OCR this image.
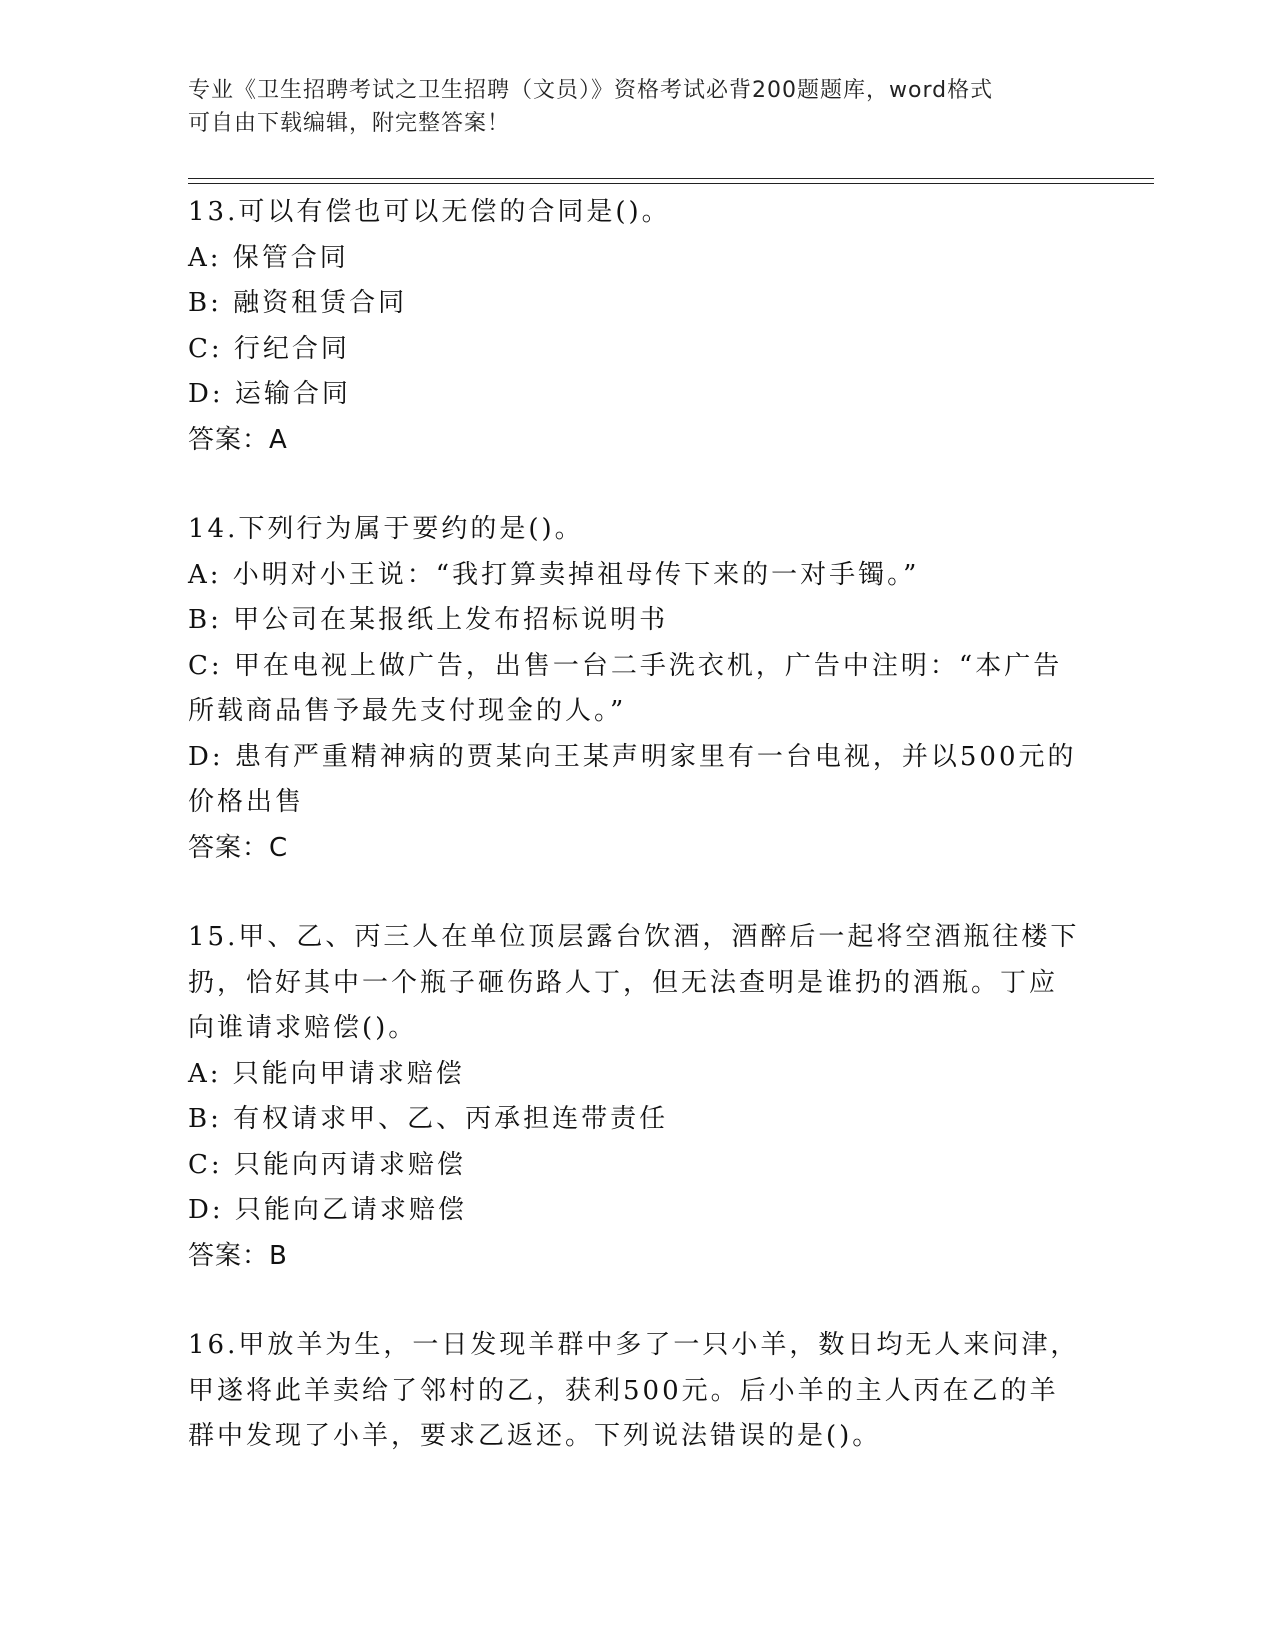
专业《卫生招聘考试之卫生招聘（文员）》资格考试必背200题题库，word格式
可自由下载编辑，附完整答案！
13.可以有偿也可以无偿的合同是()。
A: 保管合同
B: 融资租赁合同
C: 行纪合同
D: 运输合同
答案：A
14.下列行为属于要约的是()。
A: 小明对小王说：“我打算卖掉祖母传下来的一对手镯。”
B: 甲公司在某报纸上发布招标说明书
C: 甲在电视上做广告，出售一台二手洗衣机，广告中注明：“本广告
所载商品售予最先支付现金的人。”
D: 患有严重精神病的贾某向王某声明家里有一台电视，并以500元的
价格出售
答案：C
15.甲、乙、丙三人在单位顶层露台饮酒，酒醉后一起将空酒瓶往楼下
扔，恰好其中一个瓶子砸伤路人丁，但无法查明是谁扔的酒瓶。丁应
向谁请求赔偿()。
A: 只能向甲请求赔偿
B: 有权请求甲、乙、丙承担连带责任
C: 只能向丙请求赔偿
D: 只能向乙请求赔偿
答案：B
16.甲放羊为生，一日发现羊群中多了一只小羊，数日均无人来问津，
甲遂将此羊卖给了邻村的乙，获利500元。后小羊的主人丙在乙的羊
群中发现了小羊，要求乙返还。下列说法错误的是()。
